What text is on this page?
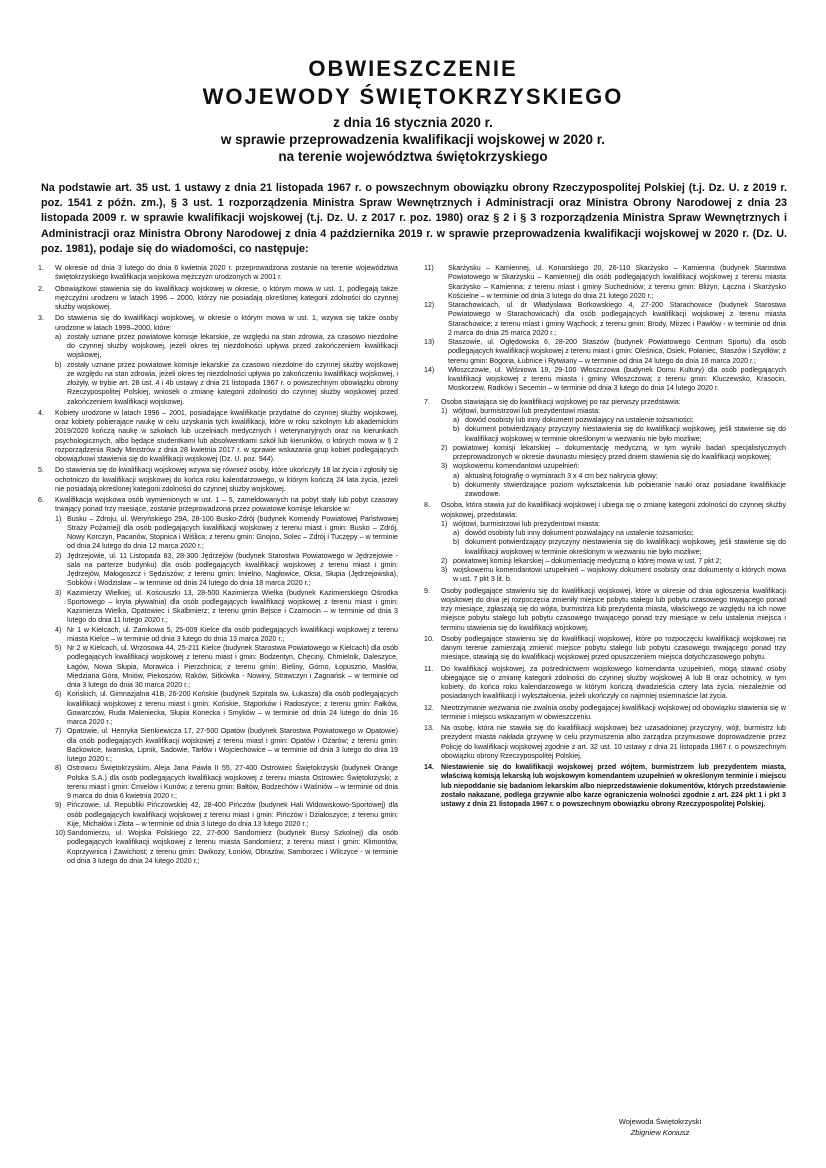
OBWIESZCZENIE
WOJEWODY ŚWIĘTOKRZYSKIEGO
z dnia 16 stycznia 2020 r.
w sprawie przeprowadzenia kwalifikacji wojskowej w 2020 r.
na terenie województwa świętokrzyskiego
Na podstawie art. 35 ust. 1 ustawy z dnia 21 listopada 1967 r. o powszechnym obowiązku obrony Rzeczypospolitej Polskiej (t.j. Dz. U. z 2019 r. poz. 1541 z późn. zm.), § 3 ust. 1 rozporządzenia Ministra Spraw Wewnętrznych i Administracji oraz Ministra Obrony Narodowej z dnia 23 listopada 2009 r. w sprawie kwalifikacji wojskowej (t.j. Dz. U. z 2017 r. poz. 1980) oraz § 2 i § 3 rozporządzenia Ministra Spraw Wewnętrznych i Administracji oraz Ministra Obrony Narodowej z dnia 4 października 2019 r. w sprawie przeprowadzenia kwalifikacji wojskowej w 2020 r. (Dz. U. poz. 1981), podaje się do wiadomości, co następuje:
1.	W okresie od dnia 3 lutego do dnia 6 kwietnia 2020 r. przeprowadzona zostanie na terenie województwa świętokrzyskiego kwalifikacja wojskowa mężczyzn urodzonych w 2001 r.
2.	Obowiązkowi stawienia się do kwalifikacji wojskowej w okresie, o którym mowa w ust. 1, podlegają także mężczyźni urodzeni w latach 1996 – 2000, którzy nie posiadają określonej kategorii zdolności do czynnej służby wojskowej.
3.	Do stawienia się do kwalifikacji wojskowej, w okresie o którym mowa w ust. 1, wzywa się także osoby urodzone w latach 1999–2000, które:
a) zostały uznane przez powiatowe komisje lekarskie, ze względu na stan zdrowia, za czasowo niezdolne do czynnej służby wojskowej, jeżeli okres tej niezdolności upływa przed zakończeniem kwalifikacji wojskowej,
b) zostały uznane przez powiatowe komisje lekarskie za czasowo niezdolne do czynnej służby wojskowej ze względu na stan zdrowia, jeżeli okres tej niezdolności upływa po zakończeniu kwalifikacji wojskowej, i złożyły, w trybie art. 28 ust. 4 i 4b ustawy z dnia 21 listopada 1967 r. o powszechnym obowiązku obrony Rzeczypospolitej Polskiej, wniosek o zmianę kategorii zdolności do czynnej służby wojskowej przed zakończeniem kwalifikacji wojskowej.
4.	Kobiety urodzone w latach 1996 – 2001, posiadające kwalifikacje przydatne do czynnej służby wojskowej, oraz kobiety pobierające naukę w celu uzyskania tych kwalifikacji, które w roku szkolnym lub akademickim 2019/2020 kończą naukę w szkołach lub uczelniach medycznych i weterynaryjnych oraz na kierunkach psychologicznych, albo będące studentkami lub absolwentkami szkół lub kierunków, o których mowa w § 2 rozporządzenia Rady Ministrów z dnia 28 kwietnia 2017 r. w sprawie wskazania grup kobiet podlegających obowiązkowi stawienia się do kwalifikacji wojskowej (Dz. U. poz. 944).
5.	Do stawienia się do kwalifikacji wojskowej wzywa się również osoby, które ukończyły 18 lat życia i zgłosiły się ochotniczo do kwalifikacji wojskowej do końca roku kalendarzowego, w którym kończą 24 lata życia, jeżeli nie posiadają określonej kategorii zdolności do czynnej służby wojskowej.
6.	Kwalifikacja wojskowa osób wymienionych w ust. 1 – 5, zameldowanych na pobyt stały lub pobyt czasowy trwający ponad trzy miesiące, zostanie przeprowadzona przez powiatowe komisje lekarskie w:
1) Busku – Zdroju, ul. Weryńskiego 29A, 28-100 Busko-Zdrój (budynek Komendy Powiatowej Państwowej Straży Pożarnej) dla osób podlegających kwalifikacji wojskowej z terenu miast i gmin: Busko – Zdrój, Nowy Korczyn, Pacanów, Stopnica i Wiślica; z terenu gmin: Gnojno, Solec – Zdrój i Tuczępy – w terminie od dnia 24 lutego do dnia 12 marca 2020 r.;
2) Jędrzejowie, ul. 11 Listopada 83, 28-300 Jędrzejów (budynek Starostwa Powiatowego w Jędrzejowie - sala na parterze budynku) dla osób podlegających kwalifikacji wojskowej z terenu miast i gmin: Jędrzejów, Małogoszcz i Sędziszów; z terenu gmin: Imielno, Nagłowice, Oksa, Słupia (Jędrzejowska), Sobków i Wodzisław – w terminie od dnia 24 lutego do dnia 18 marca 2020 r.;
3) Kazimierzy Wielkiej, ul. Kościuszki 13, 28-500 Kazimierza Wielka (budynek Kazimierskiego Ośrodka Sportowego – kryta pływalnia) dla osób podlegających kwalifikacji wojskowej z terenu miast i gmin: Kazimierza Wielka, Opatowiec i Skalbmierz; z terenu gmin Bejsce i Czarnocin – w terminie od dnia 3 lutego do dnia 11 lutego 2020 r.;
4) Nr 1 w Kielcach, ul. Zamkowa 5, 25-009 Kielce dla osób podlegających kwalifikacji wojskowej z terenu miasta Kielce – w terminie od dnia 3 lutego do dnia 13 marca 2020 r.;
5) Nr 2 w Kielcach, ul. Wrzosowa 44, 25-211 Kielce (budynek Starostwa Powiatowego w Kielcach) dla osób podlegających kwalifikacji wojskowej z terenu miast i gmin: Bodzentyn, Chęciny, Chmielnik, Daleszyce, Łagów, Nowa Słupia, Morawica i Pierzchnica; z terenu gmin: Bieliny, Górno, Łopuszno, Masłów, Miedziana Góra, Mniów, Piekoszów, Raków, Sitkówka - Nowiny, Strawczyn i Zagnańsk – w terminie od dnia 3 lutego do dnia 30 marca 2020 r.;
6) Końskich, ul. Gimnazjalna 41B, 26-200 Końskie (budynek Szpitala św. Łukasza) dla osób podlegających kwalifikacji wojskowej z terenu miast i gmin: Końskie, Stąporków i Radoszyce; z terenu gmin: Fałków, Gowarczów, Ruda Maleniecka, Słupia Konecka i Smyków – w terminie od dnia 24 lutego do dnia 16 marca 2020 r.;
7) Opatowie, ul. Henryka Sienkiewicza 17, 27-500 Opatów (budynek Starostwa Powiatowego w Opatowie) dla osób podlegających kwalifikacji wojskowej z terenu miast i gmin: Opatów i Ożarów; z terenu gmin: Baćkowice, Iwaniska, Lipnik, Sadowie, Tarłów i Wojciechowice – w terminie od dnia 3 lutego do dnia 19 lutego 2020 r.;
8) Ostrowcu Świętokrzyskim, Aleja Jana Pawła II 55, 27-400 Ostrowiec Świętokrzyski (budynek Orange Polska S.A.) dla osób podlegających kwalifikacji wojskowej z terenu miasta Ostrowiec Świętokrzyski; z terenu miast i gmin: Ćmielów i Kunów; z terenu gmin: Bałtów, Bodzechów i Waśniów – w terminie od dnia 9 marca do dnia 6 kwietnia 2020 r.;
9) Pińczowie, ul. Republiki Pińczowskiej 42, 28-400 Pińczów (budynek Hali Widowiskowo-Sportowej) dla osób podlegających kwalifikacji wojskowej z terenu miast i gmin: Pińczów i Działoszyce; z terenu gmin: Kije, Michałów i Złota – w terminie od dnia 3 lutego do dnia 13 lutego 2020 r.;
10) Sandomierzu, ul. Wojska Polskiego 22, 27-600 Sandomierz (budynek Bursy Szkolnej) dla osób podlegających kwalifikacji wojskowej z terenu miasta Sandomierz; z terenu miast i gmin: Klimontów, Koprzywnica i Zawichost; z terenu gmin: Dwikozy, Łoniów, Obrazów, Samborzec i Wilczyce - w terminie od dnia 3 lutego do dnia 24 lutego 2020 r.;
11)	Skarżysku – Kamiennej, ul. Konarskiego 20, 26-110 Skarżysko – Kamienna (budynek Starostwa Powiatowego w Skarżysku – Kamiennej) dla osób podlegających kwalifikacji wojskowej z terenu miasta Skarżysko – Kamienna; z terenu miast i gminy Suchedniów; z terenu gmin: Bliżyn, Łączna i Skarżysko Kościelne – w terminie od dnia 3 lutego do dnia 21 lutego 2020 r.;
12)	Starachowicach, ul. dr Władysława Borkowskiego 4, 27-200 Starachowice (budynek Starostwa Powiatowego w Starachowicach) dla osób podlegających kwalifikacji wojskowej z terenu miasta Starachowice; z terenu miast i gminy Wąchock; z terenu gmin: Brody, Mirzec i Pawłów - w terminie od dnia 2 marca do dnia 25 marca 2020 r.;
13)	Staszowie, ul. Ogłędowska 6, 28-200 Staszów (budynek Powiatowego Centrum Sportu) dla osób podlegających kwalifikacji wojskowej z terenu miast i gmin: Oleśnica, Osiek, Połaniec, Staszów i Szydłów; z terenu gmin: Bogoria, Łubnice i Rytwiany – w terminie od dnia 24 lutego do dnia 16 marca 2020 r.;
14)	Włoszczowie, ul. Wiśniowa 19, 29-100 Włoszczowa (budynek Domu Kultury) dla osób podlegających kwalifikacji wojskowej z terenu miasta i gminy Włoszczowa; z terenu gmin: Kluczewsko, Krasocin, Moskorzew, Radków i Secemin – w terminie od dnia 3 lutego do dnia 14 lutego 2020 r.
7.	Osoba stawiająca się do kwalifikacji wojskowej po raz pierwszy przedstawia:
1) wójtowi, burmistrzowi lub prezydentowi miasta:
a) dowód osobisty lub inny dokument pozwalający na ustalenie tożsamości;
b) dokument potwierdzający przyczyny niestawienia się do kwalifikacji wojskowej, jeśli stawienie się do kwalifikacji wojskowej w terminie określonym w wezwaniu nie było możliwe;
2) powiatowej komisji lekarskiej – dokumentację medyczną, w tym wyniki badań specjalistycznych przeprowadzonych w okresie dwunastu miesięcy przed dniem stawienia się do kwalifikacji wojskowej;
3) wojskowemu komendantowi uzupełnień:
a) aktualną fotografię o wymiarach 3 x 4 cm bez nakrycia głowy;
b) dokumenty stwierdzające poziom wykształcenia lub pobieranie nauki oraz posiadane kwalifikacje zawodowe.
8.	Osoba, która stawia już do kwalifikacji wojskowej i ubiega się o zmianę kategorii zdolności do czynnej służby wojskowej, przedstawia:
1) wójtowi, burmistrzowi lub prezydentowi miasta:
a) dowód osobisty lub inny dokument pozwalający na ustalenie tożsamości;
b) dokument potwierdzający przyczyny niestawienia się do kwalifikacji wojskowej, jeśli stawienie się do kwalifikacji wojskowej w terminie określonym w wezwaniu nie było możliwe;
2) powiatowej komisji lekarskiej – dokumentację medyczną o której mowa w ust. 7 pkt 2;
3) wojskowemu komendantowi uzupełnień – wojskowy dokument osobisty oraz dokumenty o których mowa w ust. 7 pkt 3 lit. b.
9.	Osoby podlegające stawieniu się do kwalifikacji wojskowej, które w okresie od dnia ogłoszenia kwalifikacji wojskowej do dnia jej rozpoczęcia zmieniły miejsce pobytu stałego lub pobytu czasowego trwającego ponad trzy miesiące, zgłaszają się do wójta, burmistrza lub prezydenta miasta, właściwego ze względu na ich nowe miejsce pobytu stałego lub pobytu czasowego trwającego ponad trzy miesiące w celu ustalenia miejsca i terminu stawienia się do kwalifikacji wojskowej.
10.	Osoby podlegające stawieniu się do kwalifikacji wojskowej, które po rozpoczęciu kwalifikacji wojskowej na danym terenie zamierzają zmienić miejsce pobytu stałego lub pobytu czasowego trwającego ponad trzy miesiące, stawiają się do kwalifikacji wojskowej przed opuszczeniem miejsca dotychczasowego pobytu.
11.	Do kwalifikacji wojskowej, za pośrednictwem wojskowego komendanta uzupełnień, mogą stawać osoby ubiegające się o zmianę kategorii zdolności do czynnej służby wojskowej A lub B oraz ochotnicy, w tym kobiety, do końca roku kalendarzowego w którym kończą dwadzieścia cztery lata życia, niezależnie od posiadanych kwalifikacji i wykształcenia, jeżeli ukończyły co najmniej osiemnaście lat życia.
12.	Nieotrzymanie wezwania nie zwalnia osoby podlegającej kwalifikacji wojskowej od obowiązku stawienia się w terminie i miejscu wskazanym w obwieszczeniu.
13.	Na osobę, która nie stawiła się do kwalifikacji wojskowej bez uzasadnionej przyczyny, wójt, burmistrz lub prezydent miasta nakłada grzywnę w celu przymuszenia albo zarządza przymusowe doprowadzenie przez Policję do kwalifikacji wojskowej zgodnie z art. 32 ust. 10 ustawy z dnia 21 listopada 1967 r. o powszechnym obowiązku obrony Rzeczypospolitej Polskiej.
14.	Niestawienie się do kwalifikacji wojskowej przed wójtem, burmistrzem lub prezydentem miasta, właściwą komisją lekarską lub wojskowym komendantem uzupełnień w określonym terminie i miejscu lub niepoddanie się badaniom lekarskim albo nieprzedstawienie dokumentów, których przedstawienie zostało nakazane, podlega grzywnie albo karze ograniczenia wolności zgodnie z art. 224 pkt 1 i pkt 3 ustawy z dnia 21 listopada 1967 r. o powszechnym obowiązku obrony Rzeczypospolitej Polskiej.
Wojewoda Świętokrzyski
Zbigniew Koniusz
